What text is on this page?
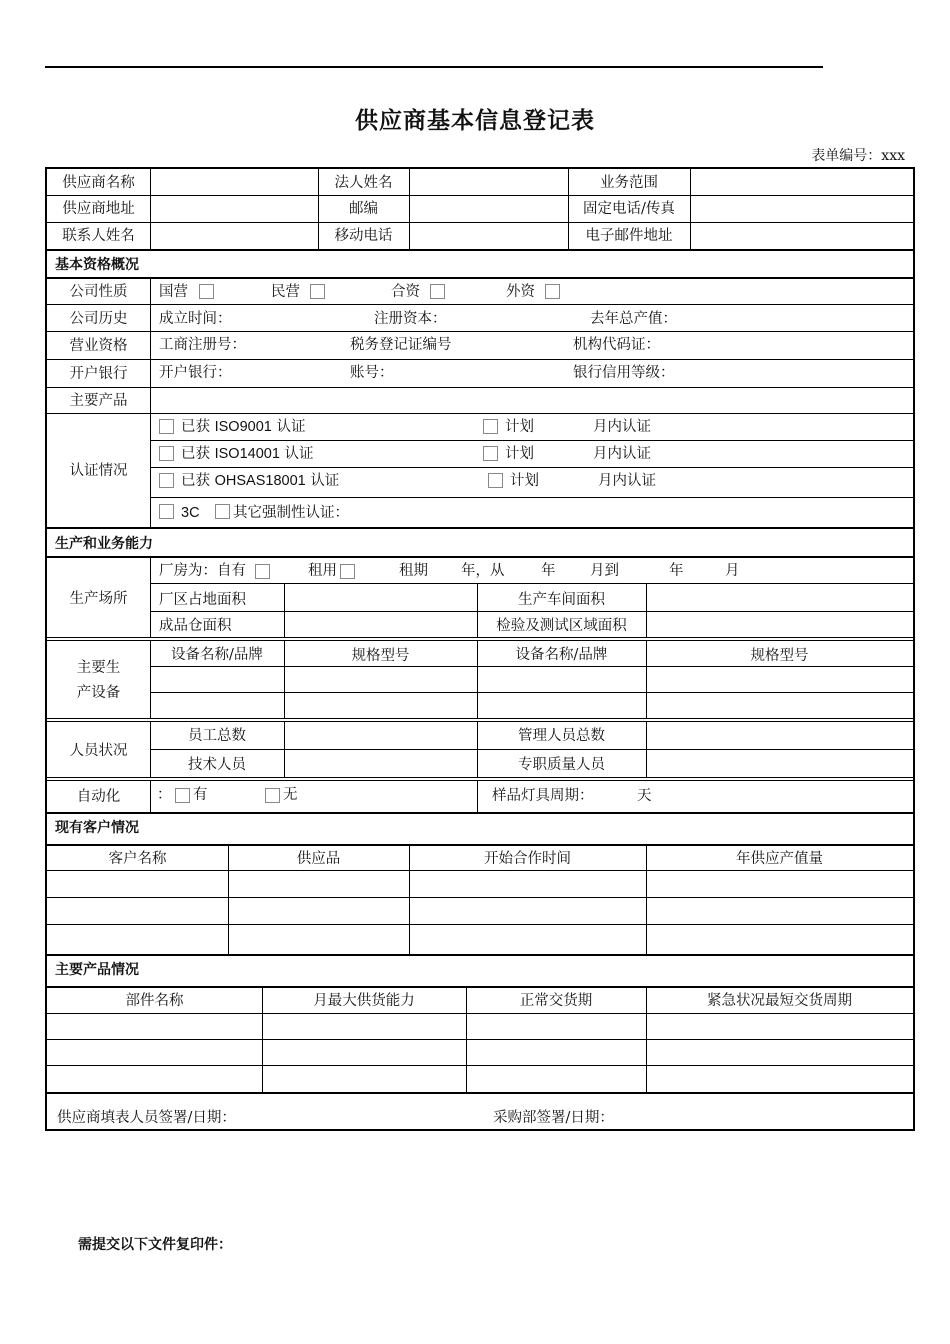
供应商基本信息登记表
表单编号：xxx
供应商名称	法人姓名	业务范围
供应商地址	邮编	固定电话/传真
联系人姓名	移动电话	电子邮件地址
基本资格概况
公司性质	国营	民营	合资	外资
公司历史	成立时间：	注册资本：	去年总产值：
营业资格	工商注册号：	税务登记证编号	机构代码证：
开户银行	开户银行：	账号：	银行信用等级：
主要产品
认证情况
已获 ISO9001 认证	计划	月内认证
已获 ISO14001 认证	计划	月内认证
已获 OHSAS18001 认证	计划	月内认证
3C 其它强制性认证：
生产和业务能力
生产场所
厂房为：自有	租用	租期 年，从	年 月到	年	月
厂区占地面积	生产车间面积
成品仓面积	检验及测试区域面积
主要生
产设备
设备名称/品牌	规格型号	设备名称/品牌	规格型号
人员状况
员工总数	管理人员总数
技术人员	专职质量人员
自动化	： 有	无	样品灯具周期：	天
现有客户情况
客户名称	供应品	开始合作时间	年供应产值量
主要产品情况
部件名称	月最大供货能力	正常交货期	紧急状况最短交货周期
供应商填表人员签署/日期：	采购部签署/日期：
需提交以下文件复印件：
